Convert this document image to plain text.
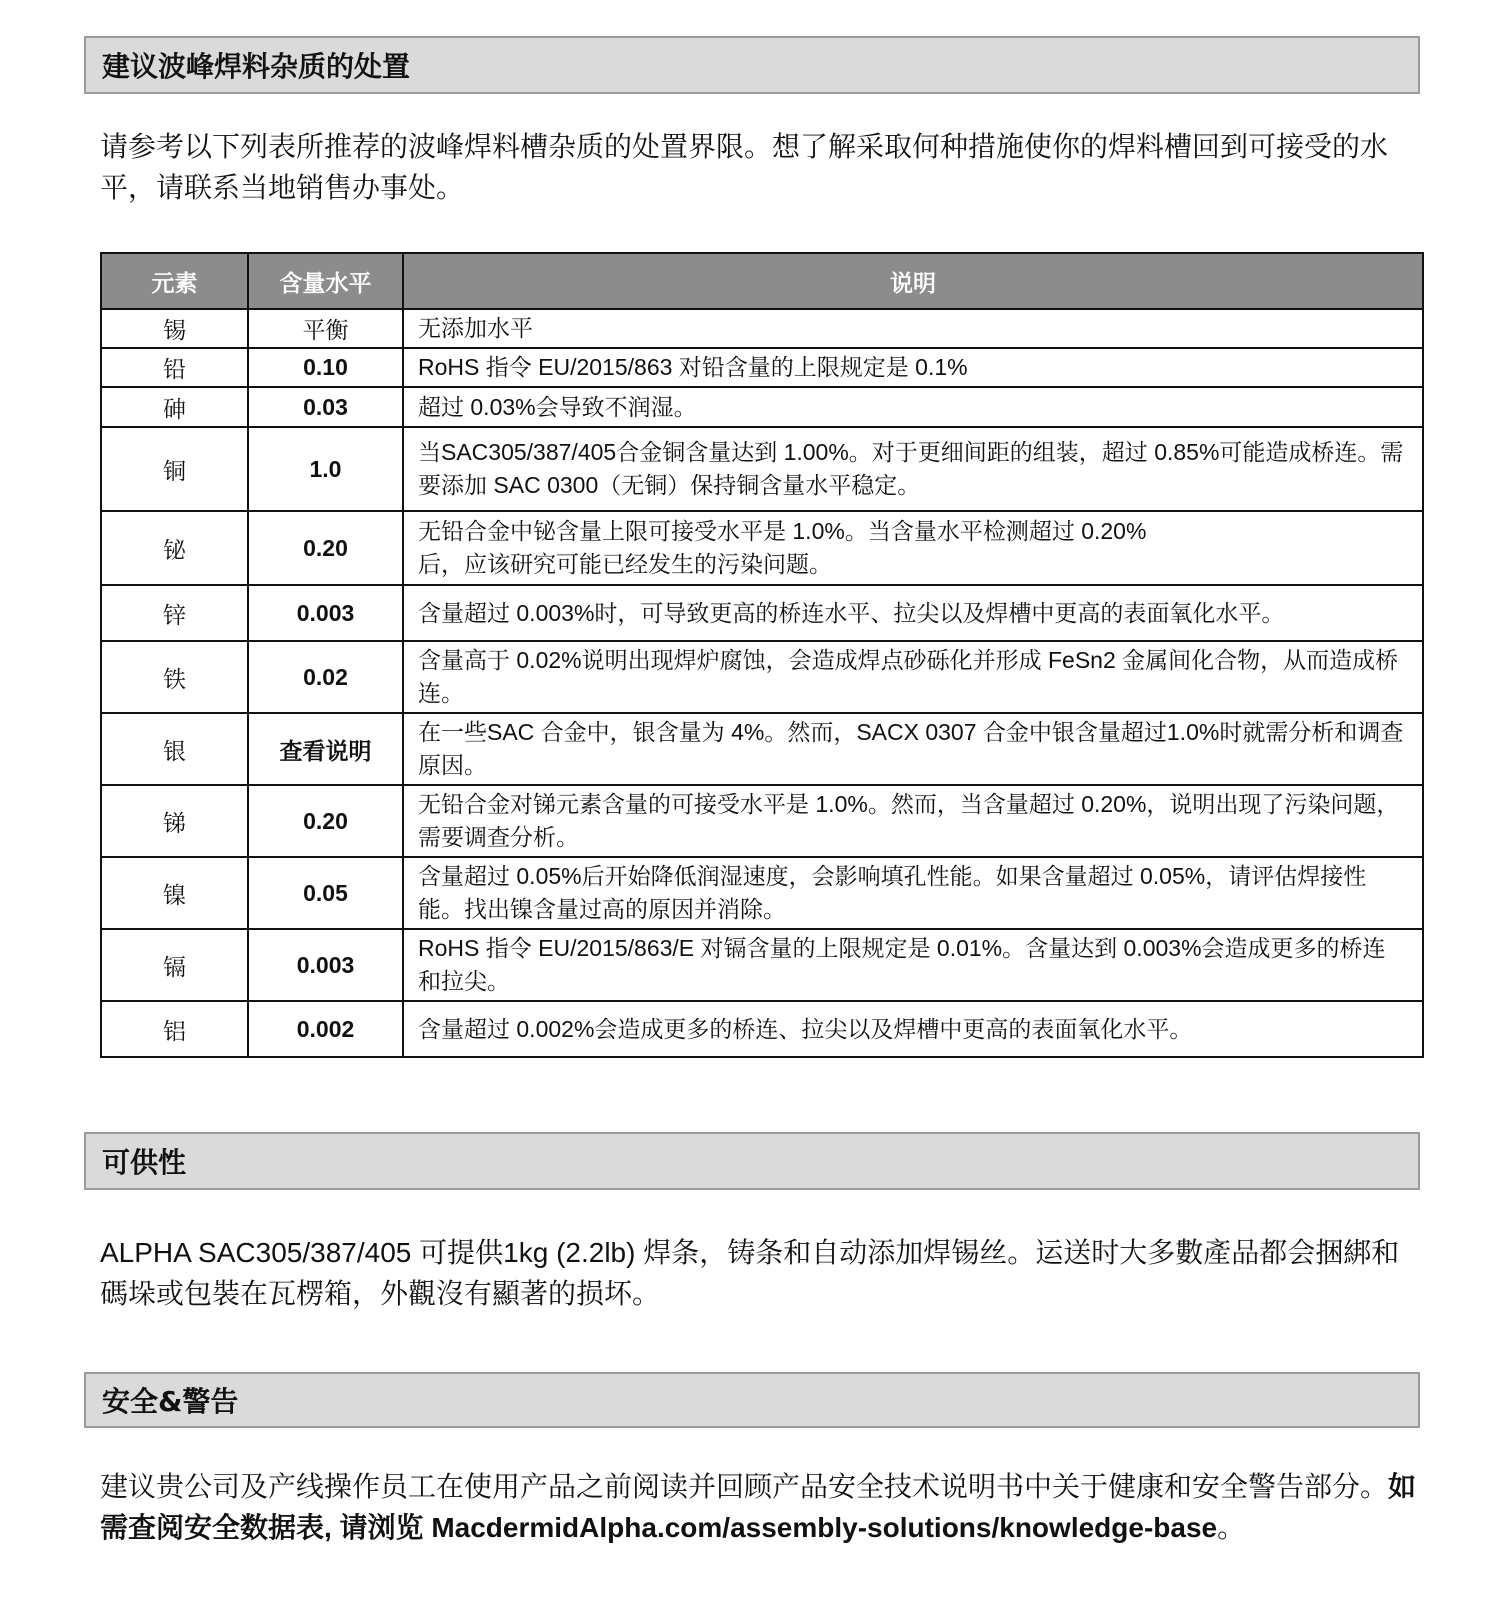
建议波峰焊料杂质的处置

请参考以下列表所推荐的波峰焊料槽杂质的处置界限。想了解采取何种措施使你的焊料槽回到可接受的水平，请联系当地销售办事处。

元素	含量水平	说明
锡	平衡	无添加水平
铅	0.10	RoHS 指令 EU/2015/863 对铅含量的上限规定是 0.1%
砷	0.03	超过 0.03%会导致不润湿。
铜	1.0	当SAC305/387/405合金铜含量达到 1.00%。对于更细间距的组装，超过 0.85%可能造成桥连。需要添加 SAC 0300（无铜）保持铜含量水平稳定。
铋	0.20	无铅合金中铋含量上限可接受水平是 1.0%。当含量水平检测超过 0.20%后，应该研究可能已经发生的污染问题。
锌	0.003	含量超过 0.003%时，可导致更高的桥连水平、拉尖以及焊槽中更高的表面氧化水平。
铁	0.02	含量高于 0.02%说明出现焊炉腐蚀，会造成焊点砂砾化并形成 FeSn2 金属间化合物，从而造成桥连。
银	查看说明	在一些SAC 合金中，银含量为 4%。然而，SACX 0307 合金中银含量超过1.0%时就需分析和调查原因。
锑	0.20	无铅合金对锑元素含量的可接受水平是 1.0%。然而，当含量超过 0.20%，说明出现了污染问题，需要调查分析。
镍	0.05	含量超过 0.05%后开始降低润湿速度，会影响填孔性能。如果含量超过 0.05%，请评估焊接性能。找出镍含量过高的原因并消除。
镉	0.003	RoHS 指令 EU/2015/863/E 对镉含量的上限规定是 0.01%。含量达到 0.003%会造成更多的桥连和拉尖。
铝	0.002	含量超过 0.002%会造成更多的桥连、拉尖以及焊槽中更高的表面氧化水平。
可供性

ALPHA SAC305/387/405 可提供1kg (2.2lb) 焊条，铸条和自动添加焊锡丝。运送时大多數產品都会捆綁和碼垛或包裝在瓦楞箱，外觀沒有顯著的损坏。

安全&警告

建议贵公司及产线操作员工在使用产品之前阅读并回顾产品安全技术说明书中关于健康和安全警告部分。如需查阅安全数据表, 请浏览 MacdermidAlpha.com/assembly-solutions/knowledge-base。
